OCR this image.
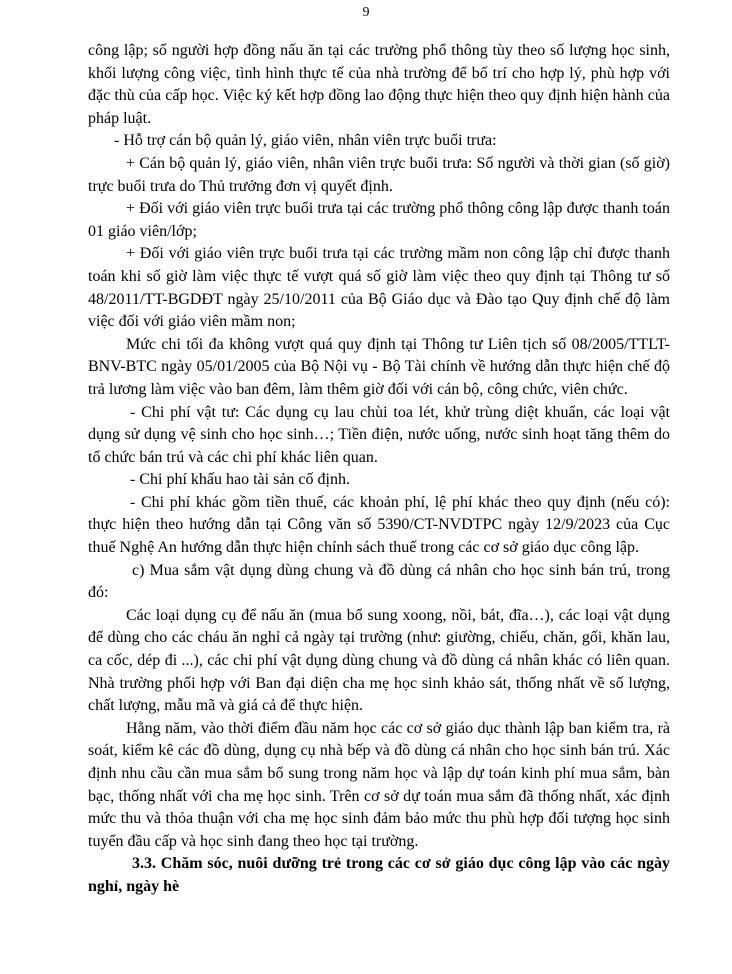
9

công lập; số người hợp đồng nấu ăn tại các trường phổ thông tùy theo số lượng học sinh, khối lượng công việc, tình hình thực tế của nhà trường để bố trí cho hợp lý, phù hợp với đặc thù của cấp học. Việc ký kết hợp đồng lao động thực hiện theo quy định hiện hành của pháp luật.

- Hỗ trợ cán bộ quản lý, giáo viên, nhân viên trực buổi trưa:

+ Cán bộ quản lý, giáo viên, nhân viên trực buổi trưa: Số người và thời gian (số giờ) trực buổi trưa do Thủ trưởng đơn vị quyết định.

+ Đối với giáo viên trực buổi trưa tại các trường phổ thông công lập được thanh toán 01 giáo viên/lớp;

+ Đối với giáo viên trực buổi trưa tại các trường mầm non công lập chỉ được thanh toán khi số giờ làm việc thực tế vượt quá số giờ làm việc theo quy định tại Thông tư số 48/2011/TT-BGDĐT ngày 25/10/2011 của Bộ Giáo dục và Đào tạo Quy định chế độ làm việc đối với giáo viên mầm non;

Mức chi tối đa không vượt quá quy định tại Thông tư Liên tịch số 08/2005/TTLT-BNV-BTC ngày 05/01/2005 của Bộ Nội vụ - Bộ Tài chính về hướng dẫn thực hiện chế độ trả lương làm việc vào ban đêm, làm thêm giờ đối với cán bộ, công chức, viên chức.

- Chi phí vật tư: Các dụng cụ lau chùi toa lét, khử trùng diệt khuẩn, các loại vật dụng sử dụng vệ sinh cho học sinh…; Tiền điện, nước uống, nước sinh hoạt tăng thêm do tổ chức bán trú và các chi phí khác liên quan.

- Chi phí khấu hao tài sản cố định.

- Chi phí khác gồm tiền thuế, các khoản phí, lệ phí khác theo quy định (nếu có): thực hiện theo hướng dẫn tại Công văn số 5390/CT-NVDTPC ngày 12/9/2023 của Cục thuế Nghệ An hướng dẫn thực hiện chính sách thuế trong các cơ sở giáo dục công lập.

c) Mua sắm vật dụng dùng chung và đồ dùng cá nhân cho học sinh bán trú, trong đó:

Các loại dụng cụ để nấu ăn (mua bổ sung xoong, nồi, bát, đĩa…), các loại vật dụng để dùng cho các cháu ăn nghỉ cả ngày tại trường (như: giường, chiếu, chăn, gối, khăn lau, ca cốc, dép đi ...), các chi phí vật dụng dùng chung và đồ dùng cá nhân khác có liên quan. Nhà trường phối hợp với Ban đại diện cha mẹ học sinh khảo sát, thống nhất về số lượng, chất lượng, mẫu mã và giá cả để thực hiện.

Hằng năm, vào thời điểm đầu năm học các cơ sở giáo dục thành lập ban kiểm tra, rà soát, kiểm kê các đồ dùng, dụng cụ nhà bếp và đồ dùng cá nhân cho học sinh bán trú. Xác định nhu cầu cần mua sắm bổ sung trong năm học và lập dự toán kinh phí mua sắm, bàn bạc, thống nhất với cha mẹ học sinh. Trên cơ sở dự toán mua sắm đã thống nhất, xác định mức thu và thỏa thuận với cha mẹ học sinh đảm bảo mức thu phù hợp đối tượng học sinh tuyển đầu cấp và học sinh đang theo học tại trường.

3.3. Chăm sóc, nuôi dưỡng trẻ trong các cơ sở giáo dục công lập vào các ngày nghỉ, ngày hè
